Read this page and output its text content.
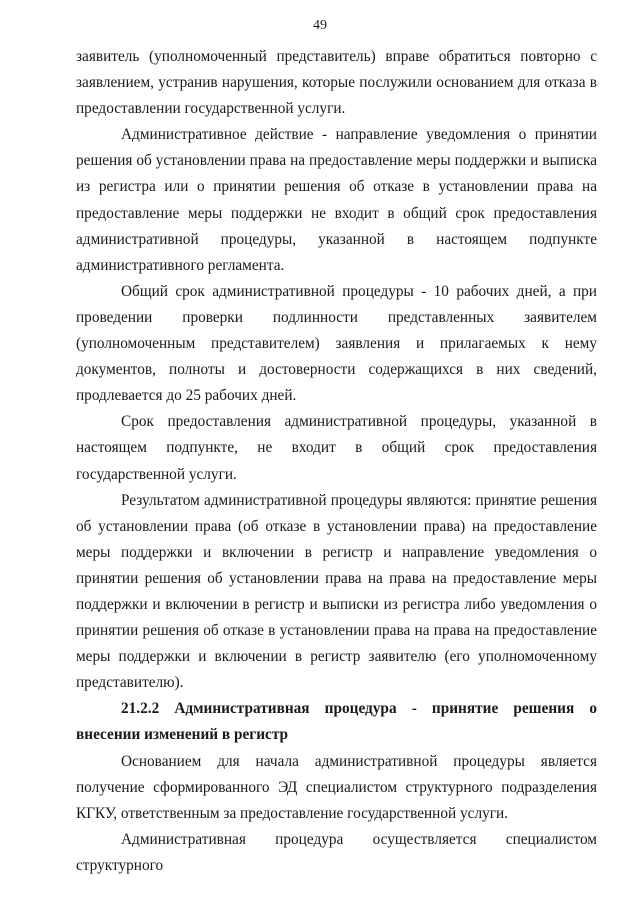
49

заявитель (уполномоченный представитель) вправе обратиться повторно с заявлением, устранив нарушения, которые послужили основанием для отказа в предоставлении государственной услуги.

Административное действие - направление уведомления о принятии решения об установлении права на предоставление меры поддержки и выписка из регистра или о принятии решения об отказе в установлении права на предоставление меры поддержки не входит в общий срок предоставления административной процедуры, указанной в настоящем подпункте административного регламента.

Общий срок административной процедуры - 10 рабочих дней, а при проведении проверки подлинности представленных заявителем (уполномоченным представителем) заявления и прилагаемых к нему документов, полноты и достоверности содержащихся в них сведений, продлевается до 25 рабочих дней.

Срок предоставления административной процедуры, указанной в настоящем подпункте, не входит в общий срок предоставления государственной услуги.

Результатом административной процедуры являются: принятие решения об установлении права (об отказе в установлении права) на предоставление меры поддержки и включении в регистр и направление уведомления о принятии решения об установлении права на права на предоставление меры поддержки и включении в регистр и выписки из регистра либо уведомления о принятии решения об отказе в установлении права на права на предоставление меры поддержки и включении в регистр заявителю (его уполномоченному представителю).

21.2.2 Административная процедура - принятие решения о внесении изменений в регистр

Основанием для начала административной процедуры является получение сформированного ЭД специалистом структурного подразделения КГКУ, ответственным за предоставление государственной услуги.

Административная процедура осуществляется специалистом структурного
